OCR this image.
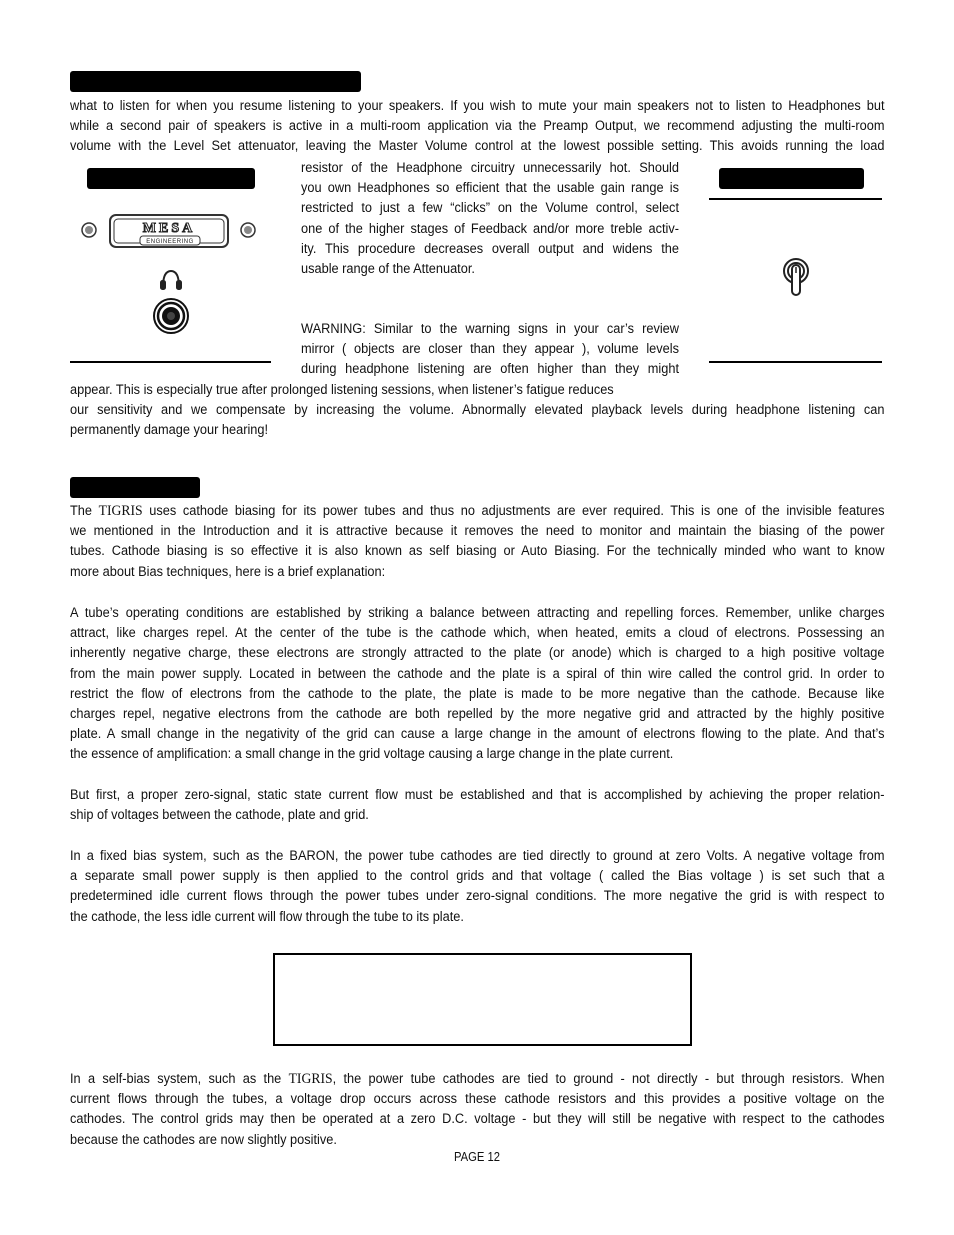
what to listen for when you resume listening to your speakers. If you wish to mute your main speakers not to listen to Headphones but
while a second pair of speakers is active in a multi-room application via the Preamp Output, we recommend adjusting the multi-room
volume with the Level Set attenuator, leaving the Master Volume control at the lowest possible setting. This avoids running the load
MESA
ENGINEERING
resistor of the Headphone circuitry unnecessarily hot. Should
you own Headphones so efficient that the usable gain range is
restricted to just a few “clicks” on the Volume control, select
one of the higher stages of Feedback and/or more treble activ-
ity. This procedure decreases overall output and widens the
usable range of the Attenuator.
WARNING: Similar to the warning signs in your car’s review
mirror ( objects are closer than they appear ), volume levels
during headphone listening are often higher than they might
appear. This is especially true after prolonged listening sessions, when listener’s fatigue reduces
our sensitivity and we compensate by increasing the volume. Abnormally elevated playback levels during headphone listening can
permanently damage your hearing!
The TIGRIS uses cathode biasing for its power tubes and thus no adjustments are ever required. This is one of the invisible features
we mentioned in the Introduction and it is attractive because it removes the need to monitor and maintain the biasing of the power
tubes. Cathode biasing is so effective it is also known as self biasing or Auto Biasing. For the technically minded who want to know
more about Bias techniques, here is a brief explanation:
A tube’s operating conditions are established by striking a balance between attracting and repelling forces. Remember, unlike charges
attract, like charges repel. At the center of the tube is the cathode which, when heated, emits a cloud of electrons. Possessing an
inherently negative charge, these electrons are strongly attracted to the plate (or anode) which is charged to a high positive voltage
from the main power supply. Located in between the cathode and the plate is a spiral of thin wire called the control grid. In order to
restrict the flow of electrons from the cathode to the plate, the plate is made to be more negative than the cathode. Because like
charges repel, negative electrons from the cathode are both repelled by the more negative grid and attracted by the highly positive
plate. A small change in the negativity of the grid can cause a large change in the amount of electrons flowing to the plate. And that’s
the essence of amplification: a small change in the grid voltage causing a large change in the plate current.
But first, a proper zero-signal, static state current flow must be established and that is accomplished by achieving the proper relation-
ship of voltages between the cathode, plate and grid.
In a fixed bias system, such as the BARON, the power tube cathodes are tied directly to ground at zero Volts. A negative voltage from
a separate small power supply is then applied to the control grids and that voltage ( called the Bias voltage ) is set such that a
predetermined idle current flows through the power tubes under zero-signal conditions. The more negative the grid is with respect to
the cathode, the less idle current will flow through the tube to its plate.
In a self-bias system, such as the TIGRIS, the power tube cathodes are tied to ground - not directly - but through resistors. When
current flows through the tubes, a voltage drop occurs across these cathode resistors and this provides a positive voltage on the
cathodes. The control grids may then be operated at a zero D.C. voltage - but they will still be negative with respect to the cathodes
because the cathodes are now slightly positive.
PAGE 12
